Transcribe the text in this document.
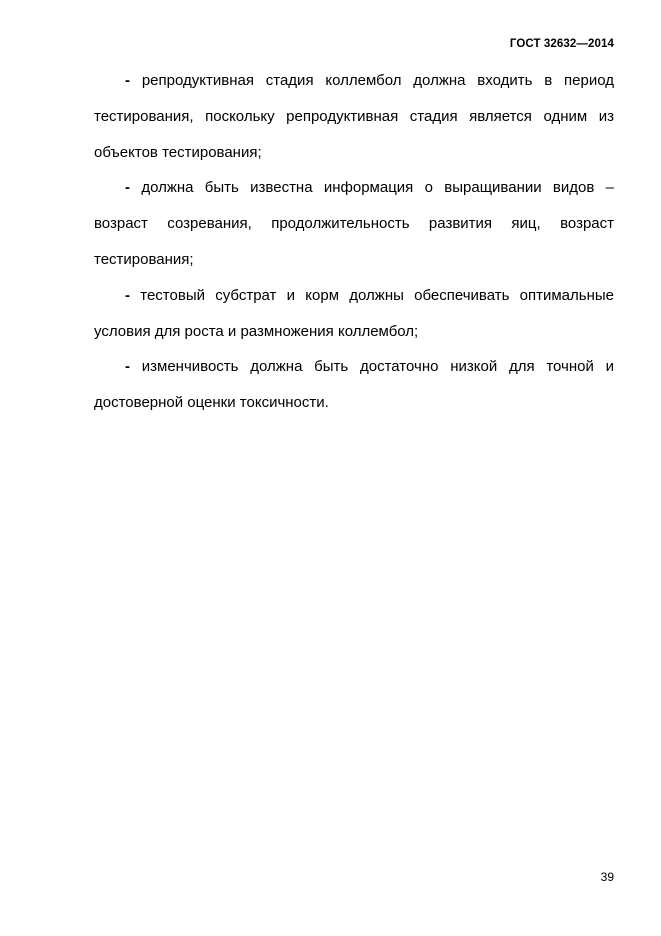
ГОСТ 32632—2014

- репродуктивная стадия коллембол должна входить в период тестирования, поскольку репродуктивная стадия является одним из объектов тестирования;

- должна быть известна информация о выращивании видов – возраст созревания, продолжительность развития яиц, возраст тестирования;

- тестовый субстрат и корм должны обеспечивать оптимальные условия для роста и размножения коллембол;

- изменчивость должна быть достаточно низкой для точной и достоверной оценки токсичности.

39
